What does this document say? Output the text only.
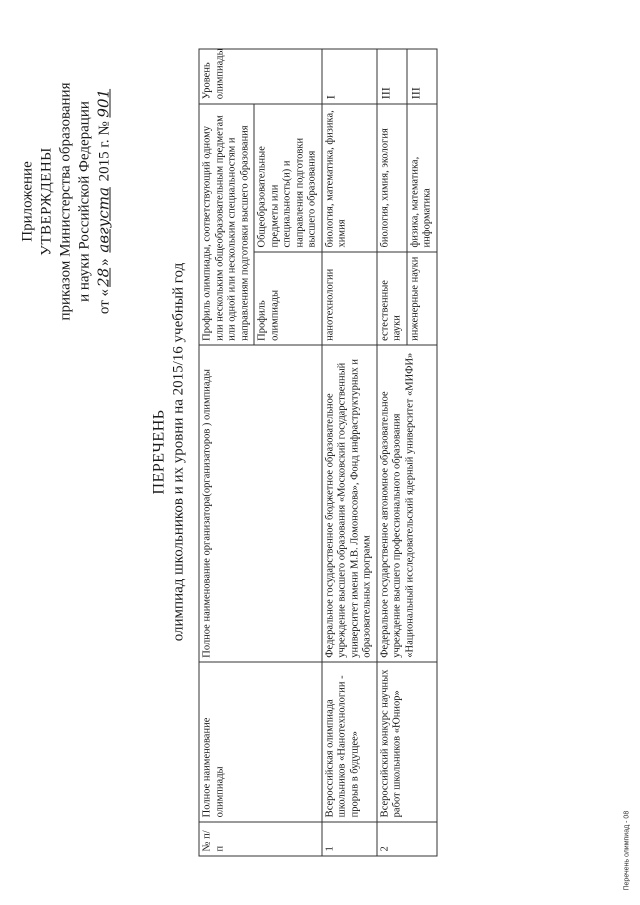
Приложение УТВЕРЖДЕНЫ приказом Министерства образования и науки Российской Федерации от «28» августа 2015 г. № 901
ПЕРЕЧЕНЬ олимпиад школьников и их уровни на 2015/16 учебный год
№ п/п	Полное наименование олимпиады	Полное наименование организатора(организаторов ) олимпиады	Профиль олимпиады, соответствующий одному или нескольким общеобразовательным предметам или одной или нескольким специальностям и направлениям подготовки высшего образования		Уровень олимпиады
			Профиль олимпиады	Общеобразовательные предметы или специальность(и) и направления подготовки высшего образования	
1	Всероссийская олимпиада школьников «Нанотехнологии - прорыв в будущее»	Федеральное государственное бюджетное образовательное учреждение высшего образования «Московский государственный университет имени М.В. Ломоносова», Фонд инфраструктурных и образовательных программ	нанотехнологии	биология, математика, физика, химия	I
2	Всероссийский конкурс научных работ школьников «Юниор»	Федеральное государственное автономное образовательное учреждение высшего профессионального образования «Национальный исследовательский ядерный университет «МИФИ»	естественные науки	биология, химия, экология	III
			инженерные науки	физика, математика, информатика	III
Перечень олимпиад - 08
